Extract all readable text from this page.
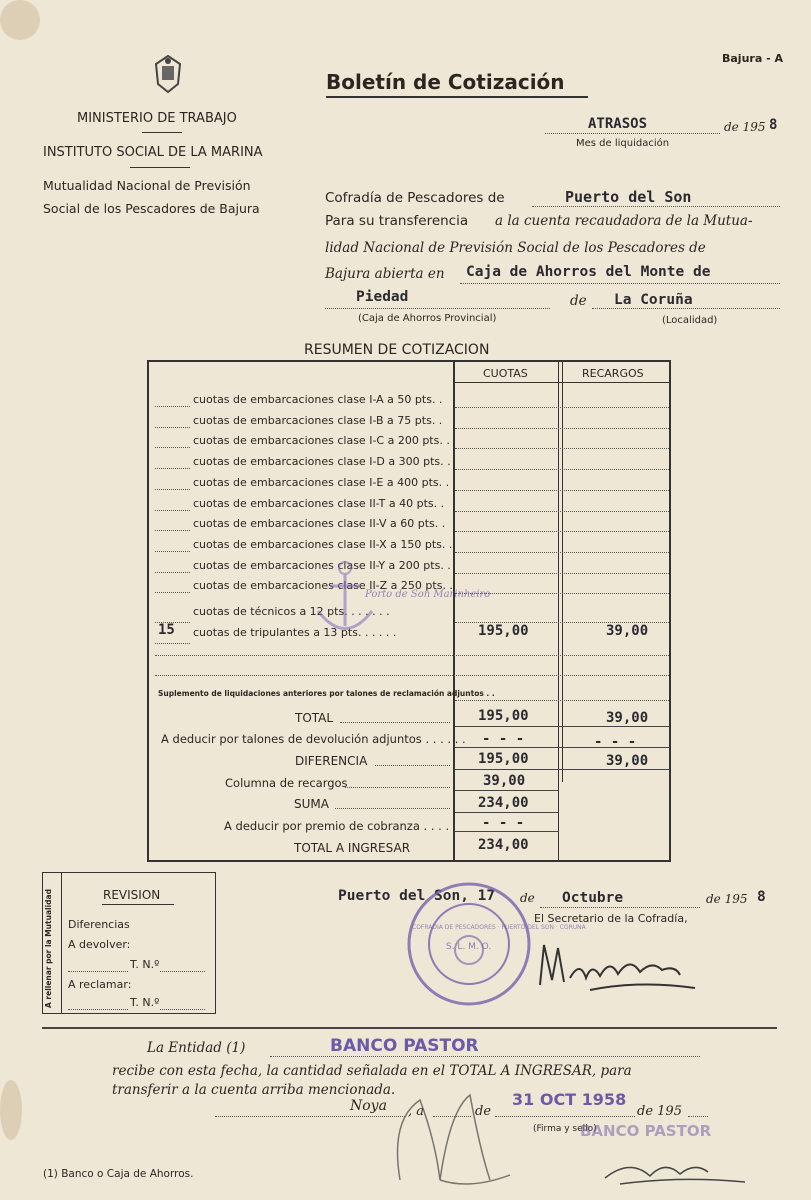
Bajura - A
MINISTERIO DE TRABAJO
INSTITUTO SOCIAL DE LA MARINA
Mutualidad Nacional de Previsión
Social de los Pescadores de Bajura
Boletín de Cotización
ATRASOS	de 195 8
Mes de liquidación
Cofradía de Pescadores de	Puerto del Son
Para su transferencia a la cuenta recaudadora de la Mutua-
lidad Nacional de Previsión Social de los Pescadores de
Bajura abierta en Caja de Ahorros del Monte de
Piedad	de La Coruña
(Caja de Ahorros Provincial)	(Localidad)
RESUMEN DE COTIZACION
CUOTAS	RECARGOS
cuotas de embarcaciones clase I-A a 50 pts. .
cuotas de embarcaciones clase I-B a 75 pts. .
cuotas de embarcaciones clase I-C a 200 pts. .
cuotas de embarcaciones clase I-D a 300 pts. .
cuotas de embarcaciones clase I-E a 400 pts. .
cuotas de embarcaciones clase II-T a 40 pts. .
cuotas de embarcaciones clase II-V a 60 pts. .
cuotas de embarcaciones clase II-X a 150 pts. .
cuotas de embarcaciones clase II-Y a 200 pts. .
cuotas de embarcaciones clase II-Z a 250 pts. .
cuotas de técnicos a 12 pts. . . . . . .
15 cuotas de tripulantes a 13 pts. . . . . .	195,00	39,00
Suplemento de liquidaciones anteriores por talones de reclamación adjuntos . .
TOTAL	195,00	39,00
A deducir por talones de devolución adjuntos . . . . . . - - -	- - -
DIFERENCIA	195,00	39,00
Columna de recargos	39,00
SUMA	234,00
A deducir por premio de cobranza . . . . - - -
TOTAL A INGRESAR	234,00
Porto de Son Marinheiro
A rellenar por la Mutualidad	REVISION
Diferencias
A devolver:
T. N.º
A reclamar:
T. N.º
Puerto del Son, 17 de Octubre	de 195 8
El Secretario de la Cofradía,
COFRADIA DE PESCADORES · PUERTO DEL SON · CORUÑA
S. L. M. O.
La Entidad (1)	BANCO PASTOR
recibe con esta fecha, la cantidad señalada en el TOTAL A INGRESAR, para
transferir a la cuenta arriba mencionada.
Noya , a	de
31 OCT 1958
de 195
(Firma y sello)
BANCO PASTOR
(1) Banco o Caja de Ahorros.
